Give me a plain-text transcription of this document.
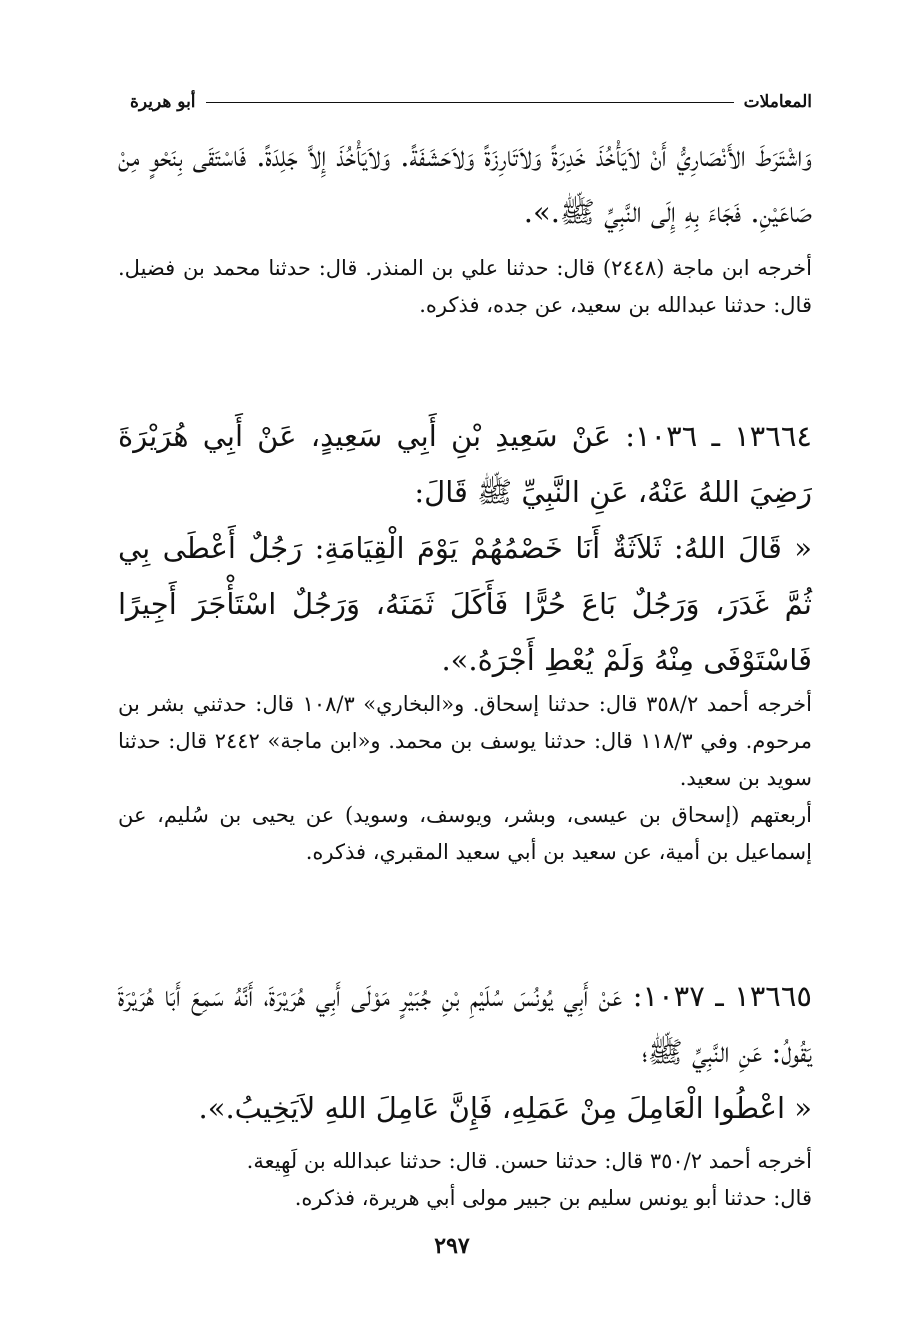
المعاملات
أبو هريرة

وَاشْتَرَطَ الأَنْصَارِيُّ أَنْ لاَيَأْخُذَ خَدِرَةً وَلاَتَارِزَةً وَلاَحَشَفَةً. وَلاَيَأْخُذَ إِلاَّ جَلِدَةً. فَاسْتَقَى بِنَحْوٍ مِنْ صَاعَيْنِ. فَجَاءَ بِهِ إِلَى النَّبِيِّ ﷺ.».

أخرجه ابن ماجة (٢٤٤٨) قال: حدثنا علي بن المنذر. قال: حدثنا محمد بن فضيل. قال: حدثنا عبدالله بن سعيد، عن جده، فذكره.

١٣٦٦٤ ـ ١٠٣٦: عَنْ سَعِيدِ بْنِ أَبِي سَعِيدٍ، عَنْ أَبِي هُرَيْرَةَ رَضِيَ اللهُ عَنْهُ، عَنِ النَّبِيِّ ﷺ قَالَ:

« قَالَ اللهُ: ثَلاَثَةٌ أَنَا خَصْمُهُمْ يَوْمَ الْقِيَامَةِ: رَجُلٌ أَعْطَى بِي ثُمَّ غَدَرَ، وَرَجُلٌ بَاعَ حُرًّا فَأَكَلَ ثَمَنَهُ، وَرَجُلٌ اسْتَأْجَرَ أَجِيرًا فَاسْتَوْفَى مِنْهُ وَلَمْ يُعْطِ أَجْرَهُ.».

أخرجه أحمد ٣٥٨/٢ قال: حدثنا إسحاق. و«البخاري» ١٠٨/٣ قال: حدثني بشر بن مرحوم. وفي ١١٨/٣ قال: حدثنا يوسف بن محمد. و«ابن ماجة» ٢٤٤٢ قال: حدثنا سويد بن سعيد.

أربعتهم (إسحاق بن عيسى، وبشر، ويوسف، وسويد) عن يحيى بن سُليم، عن إسماعيل بن أمية، عن سعيد بن أبي سعيد المقبري، فذكره.

١٣٦٦٥ ـ ١٠٣٧: عَنْ أَبِي يُونُسَ سُلَيْمِ بْنِ جُبَيْرٍ مَوْلَى أَبِي هُرَيْرَةَ، أَنَّهُ سَمِعَ أَبَا هُرَيْرَةَ يَقُولُ: عَنِ النَّبِيِّ ﷺ؛

« اعْطُوا الْعَامِلَ مِنْ عَمَلِهِ، فَإِنَّ عَامِلَ اللهِ لاَيَخِيبُ.».

أخرجه أحمد ٣٥٠/٢ قال: حدثنا حسن. قال: حدثنا عبدالله بن لَهِيعة.

قال: حدثنا أبو يونس سليم بن جبير مولى أبي هريرة، فذكره.

٢٩٧
